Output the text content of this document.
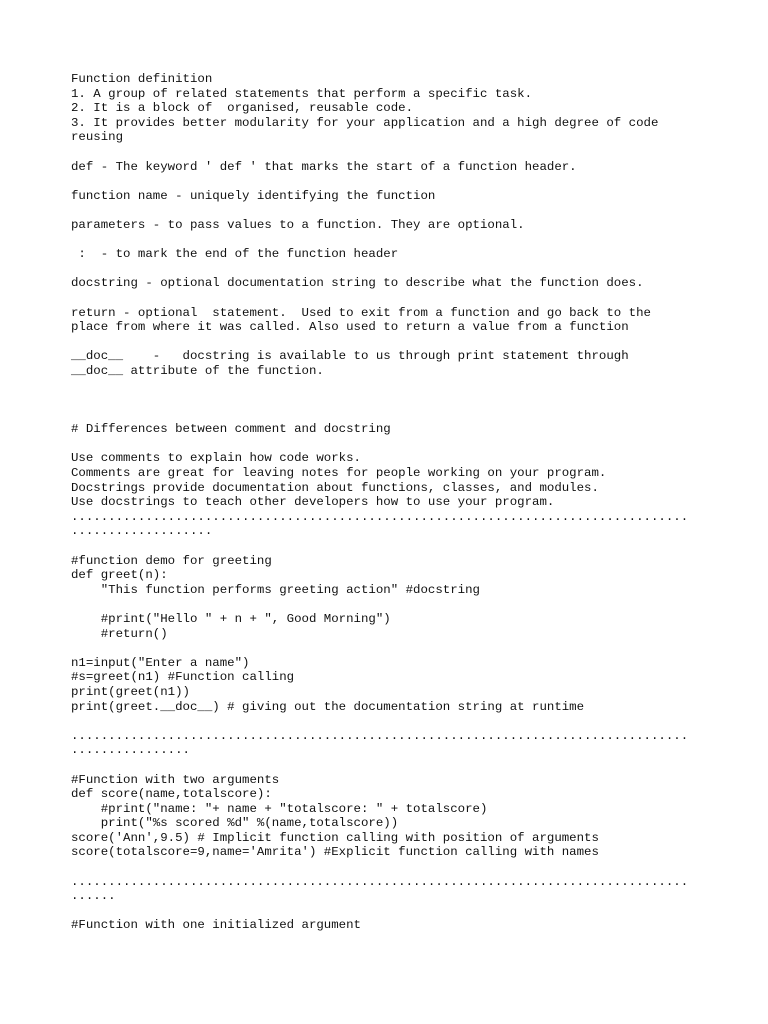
Function definition
1. A group of related statements that perform a specific task.
2. It is a block of  organised, reusable code.
3. It provides better modularity for your application and a high degree of code
reusing
def - The keyword ' def ' that marks the start of a function header.
function name - uniquely identifying the function
parameters - to pass values to a function. They are optional.
:  - to mark the end of the function header
docstring - optional documentation string to describe what the function does.
return - optional  statement.  Used to exit from a function and go back to the
place from where it was called. Also used to return a value from a function
__doc__    -   docstring is available to us through print statement through
__doc__ attribute of the function.
# Differences between comment and docstring
Use comments to explain how code works.
Comments are great for leaving notes for people working on your program.
Docstrings provide documentation about functions, classes, and modules.
Use docstrings to teach other developers how to use your program.
...................................................................................
...................
#function demo for greeting
def greet(n):
"This function performs greeting action" #docstring
#print("Hello " + n + ", Good Morning")
#return()
n1=input("Enter a name")
#s=greet(n1) #Function calling
print(greet(n1))
print(greet.__doc__) # giving out the documentation string at runtime
...................................................................................
................
#Function with two arguments
def score(name,totalscore):
#print("name: "+ name + "totalscore: " + totalscore)
print("%s scored %d" %(name,totalscore))
score('Ann',9.5) # Implicit function calling with position of arguments
score(totalscore=9,name='Amrita') #Explicit function calling with names
...................................................................................
......
#Function with one initialized argument
